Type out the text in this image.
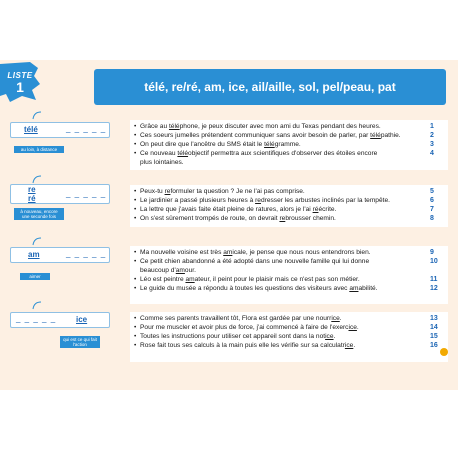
LISTE
1	télé, re/ré, am, ice, ail/aille, sol, pel/peau, pat
télé	_ _ _ _ _
au loin, à distance
re
ré
_ _ _ _ _
à nouveau, encore une seconde fois
am	_ _ _ _ _
aimer
_ _ _ _ _ ice
qui est ce qui fait l'action
• Grâce au téléphone, je peux discuter avec mon ami du Texas pendant des heures.	1
• Ces soeurs jumelles prétendent communiquer sans avoir besoin de parler, par télépathie.	2
• On peut dire que l'ancêtre du SMS était le télégramme.	3
• Ce nouveau téléobjectif permettra aux scientifiques d'observer des étoiles encore	4
plus lointaines.
• Peux-tu reformuler ta question ? Je ne l'ai pas comprise.	5
• Le jardinier a passé plusieurs heures à redresser les arbustes inclinés par la tempête.	6
• La lettre que j'avais faite était pleine de ratures, alors je l'ai réécrite.	7
• On s'est sûrement trompés de route, on devrait rebrousser chemin.	8
• Ma nouvelle voisine est très amicale, je pense que nous nous entendrons bien.	9
• Ce petit chien abandonné a été adopté dans une nouvelle famille qui lui donne	10
beaucoup d'amour.
• Léo est peintre amateur, il peint pour le plaisir mais ce n'est pas son métier.	11
• Le guide du musée a répondu à toutes les questions des visiteurs avec amabilité.	12
• Comme ses parents travaillent tôt, Flora est gardée par une nourrice.	13
• Pour me muscler et avoir plus de force, j'ai commencé à faire de l'exercice.	14
• Toutes les instructions pour utiliser cet appareil sont dans la notice.	15
• Rose fait tous ses calculs à la main puis elle les vérifie sur sa calculatrice.	16
